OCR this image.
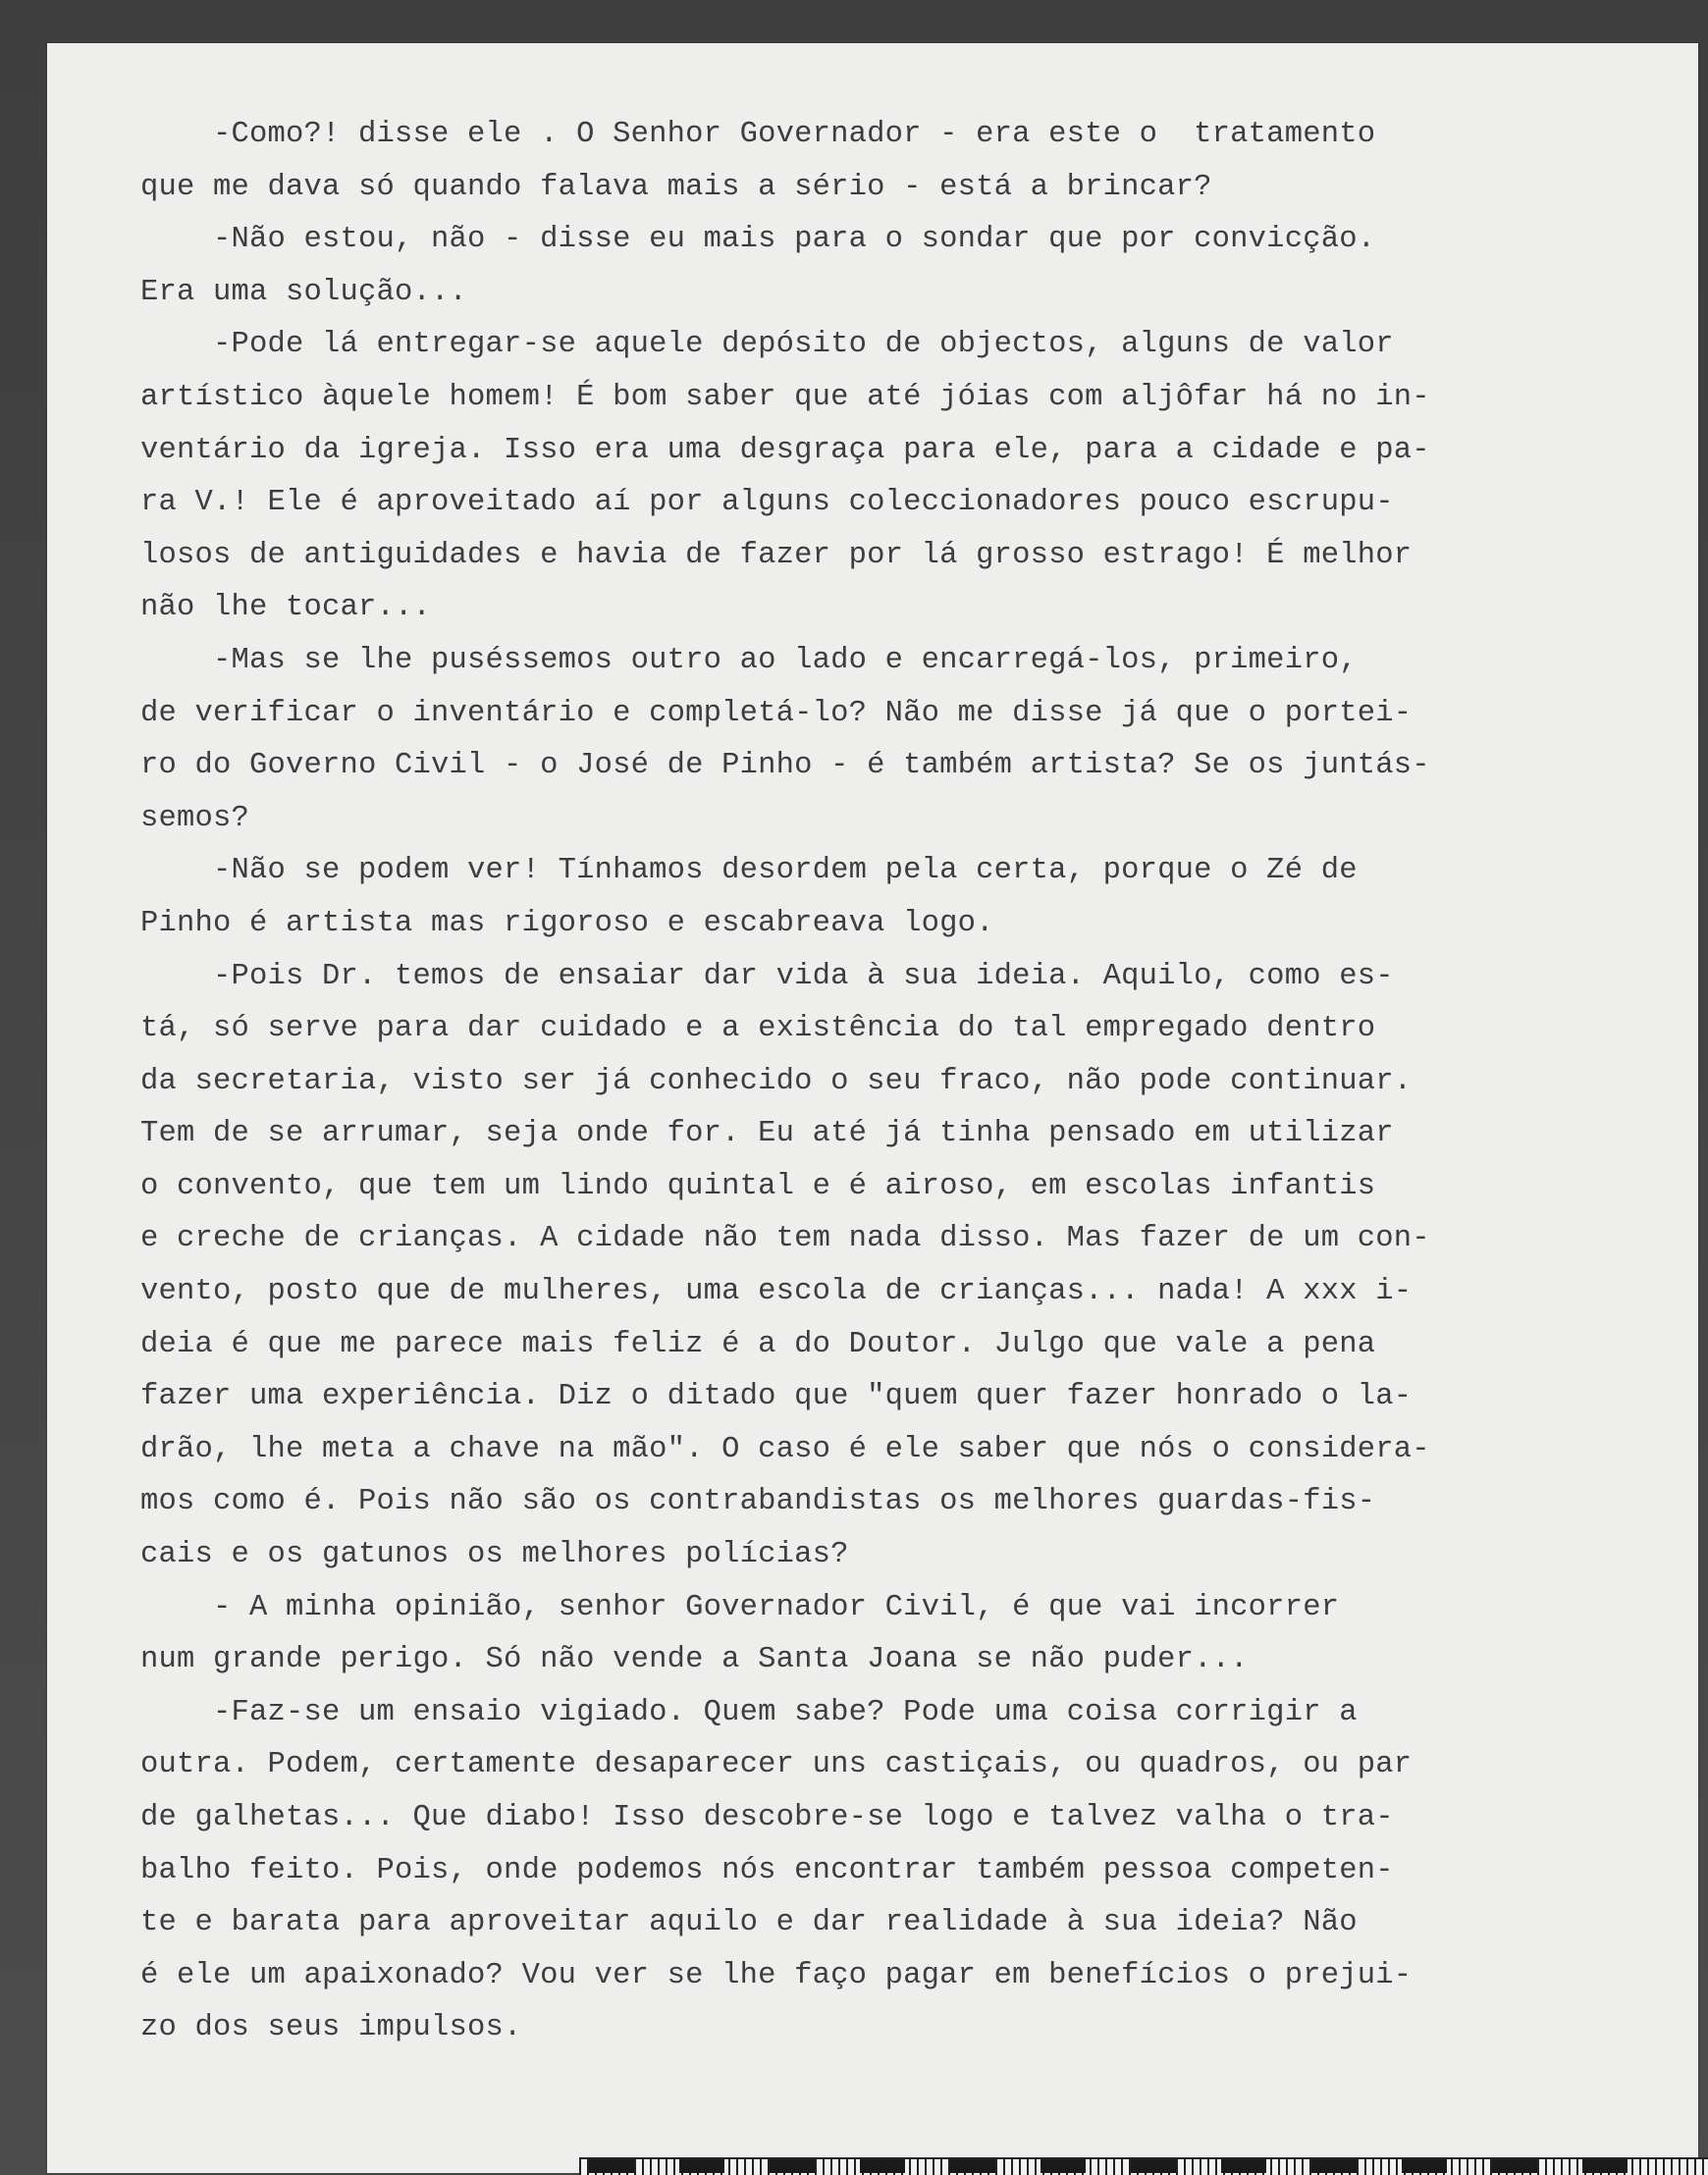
-Como?! disse ele . O Senhor Governador - era este o  tratamento
que me dava só quando falava mais a sério - está a brincar?
-Não estou, não - disse eu mais para o sondar que por convicção.
Era uma solução...
-Pode lá entregar-se aquele depósito de objectos, alguns de valor
artístico àquele homem! É bom saber que até jóias com aljôfar há no in-
ventário da igreja. Isso era uma desgraça para ele, para a cidade e pa-
ra V.! Ele é aproveitado aí por alguns coleccionadores pouco escrupu-
losos de antiguidades e havia de fazer por lá grosso estrago! É melhor
não lhe tocar...
-Mas se lhe puséssemos outro ao lado e encarregá-los, primeiro,
de verificar o inventário e completá-lo? Não me disse já que o portei-
ro do Governo Civil - o José de Pinho - é também artista? Se os juntás-
semos?
-Não se podem ver! Tínhamos desordem pela certa, porque o Zé de
Pinho é artista mas rigoroso e escabreava logo.
-Pois Dr. temos de ensaiar dar vida à sua ideia. Aquilo, como es-
tá, só serve para dar cuidado e a existência do tal empregado dentro
da secretaria, visto ser já conhecido o seu fraco, não pode continuar.
Tem de se arrumar, seja onde for. Eu até já tinha pensado em utilizar
o convento, que tem um lindo quintal e é airoso, em escolas infantis
e creche de crianças. A cidade não tem nada disso. Mas fazer de um con-
vento, posto que de mulheres, uma escola de crianças... nada! A xxx i-
deia é que me parece mais feliz é a do Doutor. Julgo que vale a pena
fazer uma experiência. Diz o ditado que "quem quer fazer honrado o la-
drão, lhe meta a chave na mão". O caso é ele saber que nós o considera-
mos como é. Pois não são os contrabandistas os melhores guardas-fis-
cais e os gatunos os melhores polícias?
- A minha opinião, senhor Governador Civil, é que vai incorrer
num grande perigo. Só não vende a Santa Joana se não puder...
-Faz-se um ensaio vigiado. Quem sabe? Pode uma coisa corrigir a
outra. Podem, certamente desaparecer uns castiçais, ou quadros, ou par
de galhetas... Que diabo! Isso descobre-se logo e talvez valha o tra-
balho feito. Pois, onde podemos nós encontrar também pessoa competen-
te e barata para aproveitar aquilo e dar realidade à sua ideia? Não
é ele um apaixonado? Vou ver se lhe faço pagar em benefícios o prejui-
zo dos seus impulsos.
